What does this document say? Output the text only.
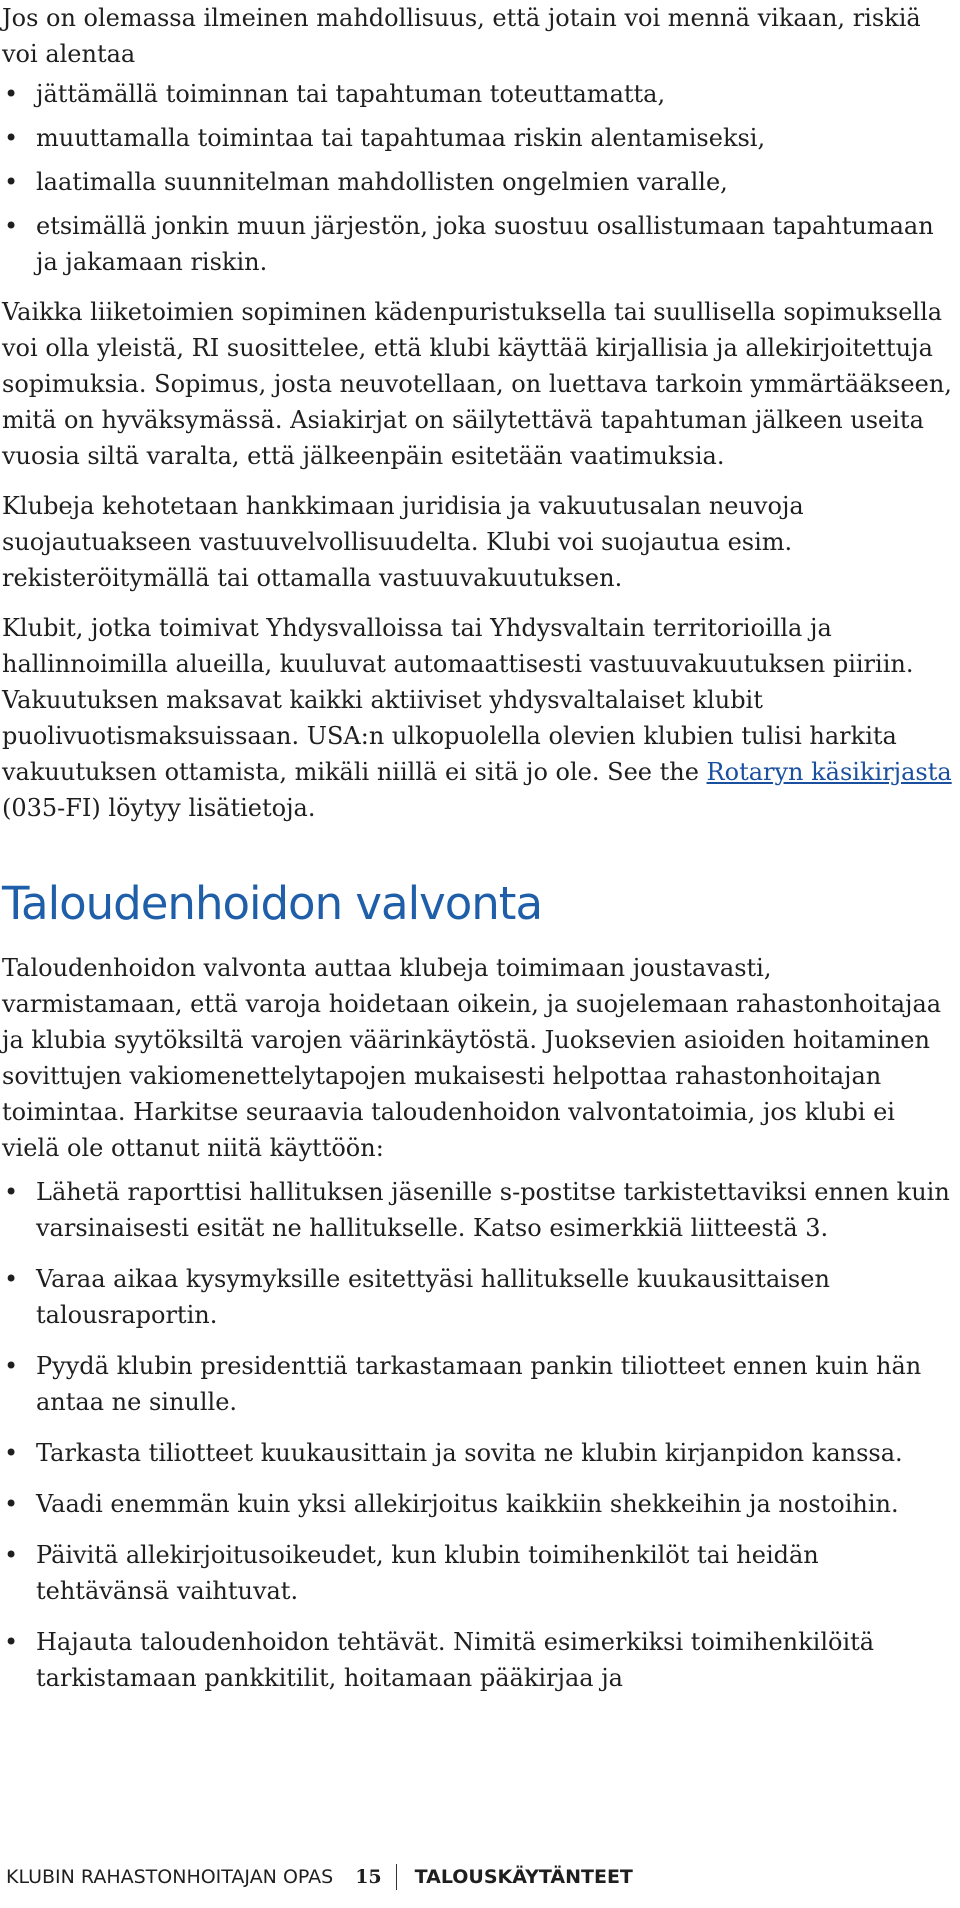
Jos on olemassa ilmeinen mahdollisuus, että jotain voi mennä vikaan, riskiä voi alentaa

• jättämällä toiminnan tai tapahtuman toteuttamatta,
• muuttamalla toimintaa tai tapahtumaa riskin alentamiseksi,
• laatimalla suunnitelman mahdollisten ongelmien varalle,
• etsimällä jonkin muun järjestön, joka suostuu osallistumaan tapahtumaan ja jakamaan riskin.

Vaikka liiketoimien sopiminen kädenpuristuksella tai suullisella sopimuksella voi olla yleistä, RI suosittelee, että klubi käyttää kirjallisia ja allekirjoitettuja sopimuksia. Sopimus, josta neuvotellaan, on luettava tarkoin ymmärtääkseen, mitä on hyväksymässä. Asiakirjat on säilytettävä tapahtuman jälkeen useita vuosia siltä varalta, että jälkeenpäin esitetään vaatimuksia.

Klubeja kehotetaan hankkimaan juridisia ja vakuutusalan neuvoja suojautuakseen vastuuvelvollisuudelta. Klubi voi suojautua esim. rekisteröitymällä tai ottamalla vastuuvakuutuksen.

Klubit, jotka toimivat Yhdysvalloissa tai Yhdysvaltain territorioilla ja hallinnoimilla alueilla, kuuluvat automaattisesti vastuuvakuutuksen piiriin. Vakuutuksen maksavat kaikki aktiiviset yhdysvaltalaiset klubit puolivuotismaksuissaan. USA:n ulkopuolella olevien klubien tulisi harkita vakuutuksen ottamista, mikäli niillä ei sitä jo ole. See the Rotaryn käsikirjasta (035-FI) löytyy lisätietoja.

Taloudenhoidon valvonta

Taloudenhoidon valvonta auttaa klubeja toimimaan joustavasti, varmistamaan, että varoja hoidetaan oikein, ja suojelemaan rahastonhoitajaa ja klubia syytöksiltä varojen väärinkäytöstä. Juoksevien asioiden hoitaminen sovittujen vakiomenettelytapojen mukaisesti helpottaa rahastonhoitajan toimintaa. Harkitse seuraavia taloudenhoidon valvontatoimia, jos klubi ei vielä ole ottanut niitä käyttöön:

• Lähetä raporttisi hallituksen jäsenille s-postitse tarkistettaviksi ennen kuin varsinaisesti esität ne hallitukselle. Katso esimerkkiä liitteestä 3.
• Varaa aikaa kysymyksille esitettyäsi hallitukselle kuukausittaisen talousraportin.
• Pyydä klubin presidenttiä tarkastamaan pankin tiliotteet ennen kuin hän antaa ne sinulle.
• Tarkasta tiliotteet kuukausittain ja sovita ne klubin kirjanpidon kanssa.
• Vaadi enemmän kuin yksi allekirjoitus kaikkiin shekkeihin ja nostoihin.
• Päivitä allekirjoitusoikeudet, kun klubin toimihenkilöt tai heidän tehtävänsä vaihtuvat.
• Hajauta taloudenhoidon tehtävät. Nimitä esimerkiksi toimihenkilöitä tarkistamaan pankkitilit, hoitamaan pääkirjaa ja
KLUBIN RAHASTONHOITAJAN OPAS 15 TALOUSKÄYTÄNTEET
